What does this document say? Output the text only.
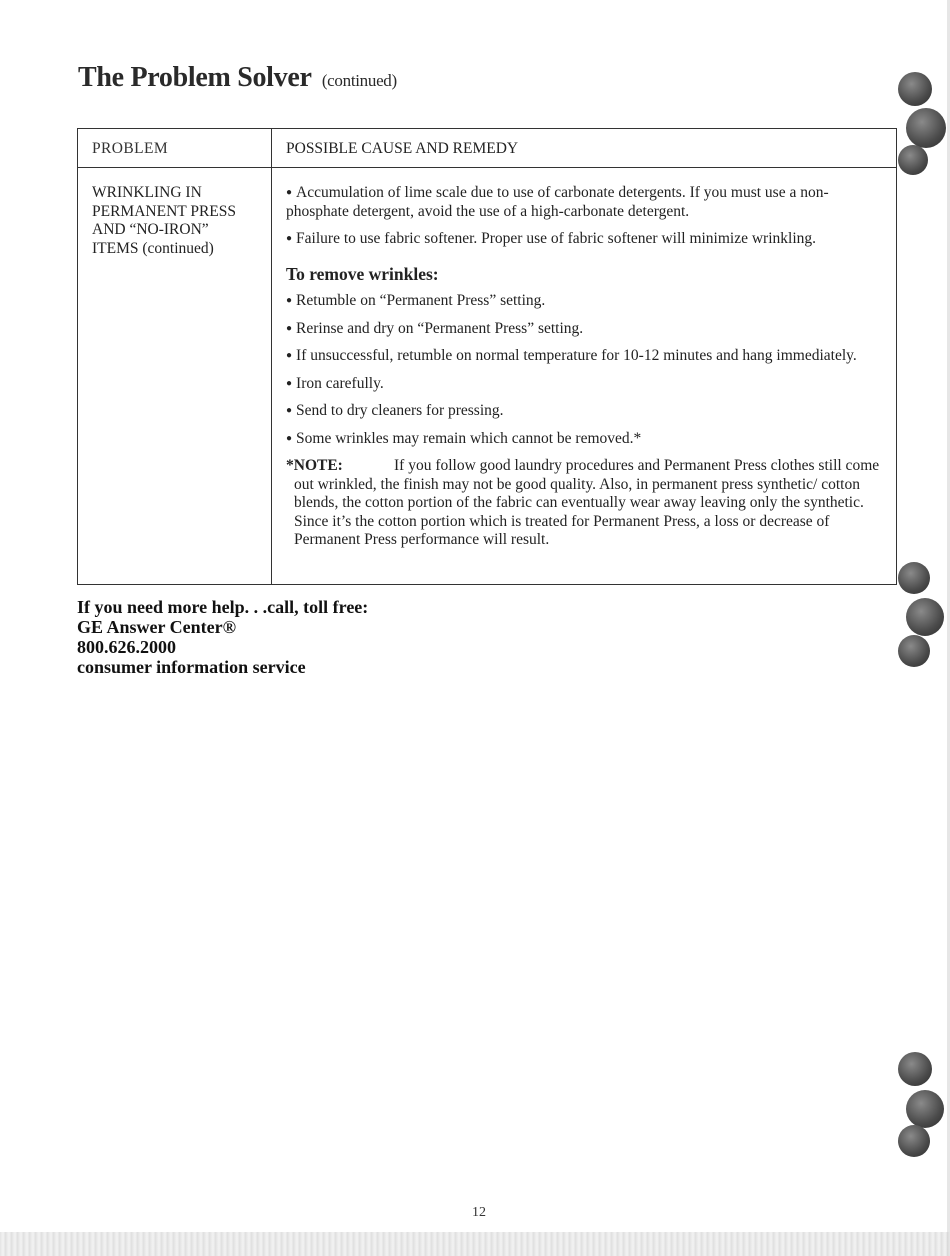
The Problem Solver (continued)
PROBLEM	POSSIBLE CAUSE AND REMEDY
WRINKLING IN
PERMANENT PRESS
AND “NO-IRON”
ITEMS (continued)

● Accumulation of lime scale due to use of carbonate detergents. If you must use a non-phosphate detergent, avoid the use of a high-carbonate detergent.

● Failure to use fabric softener. Proper use of fabric softener will minimize wrinkling.

To remove wrinkles:

● Retumble on “Permanent Press” setting.

● Rerinse and dry on “Permanent Press” setting.

● If unsuccessful, retumble on normal temperature for 10-12 minutes and hang immediately.

● Iron carefully.

● Send to dry cleaners for pressing.

● Some wrinkles may remain which cannot be removed.*

*NOTE:	If you follow good laundry procedures and Permanent Press clothes still come out wrinkled, the finish may not be good quality. Also, in permanent press synthetic/ cotton blends, the cotton portion of the fabric can eventually wear away leaving only the synthetic. Since it’s the cotton portion which is treated for Permanent Press, a loss or decrease of Permanent Press performance will result.
If you need more help. . .call, toll free:
GE Answer Center®
800.626.2000
consumer information service
12
